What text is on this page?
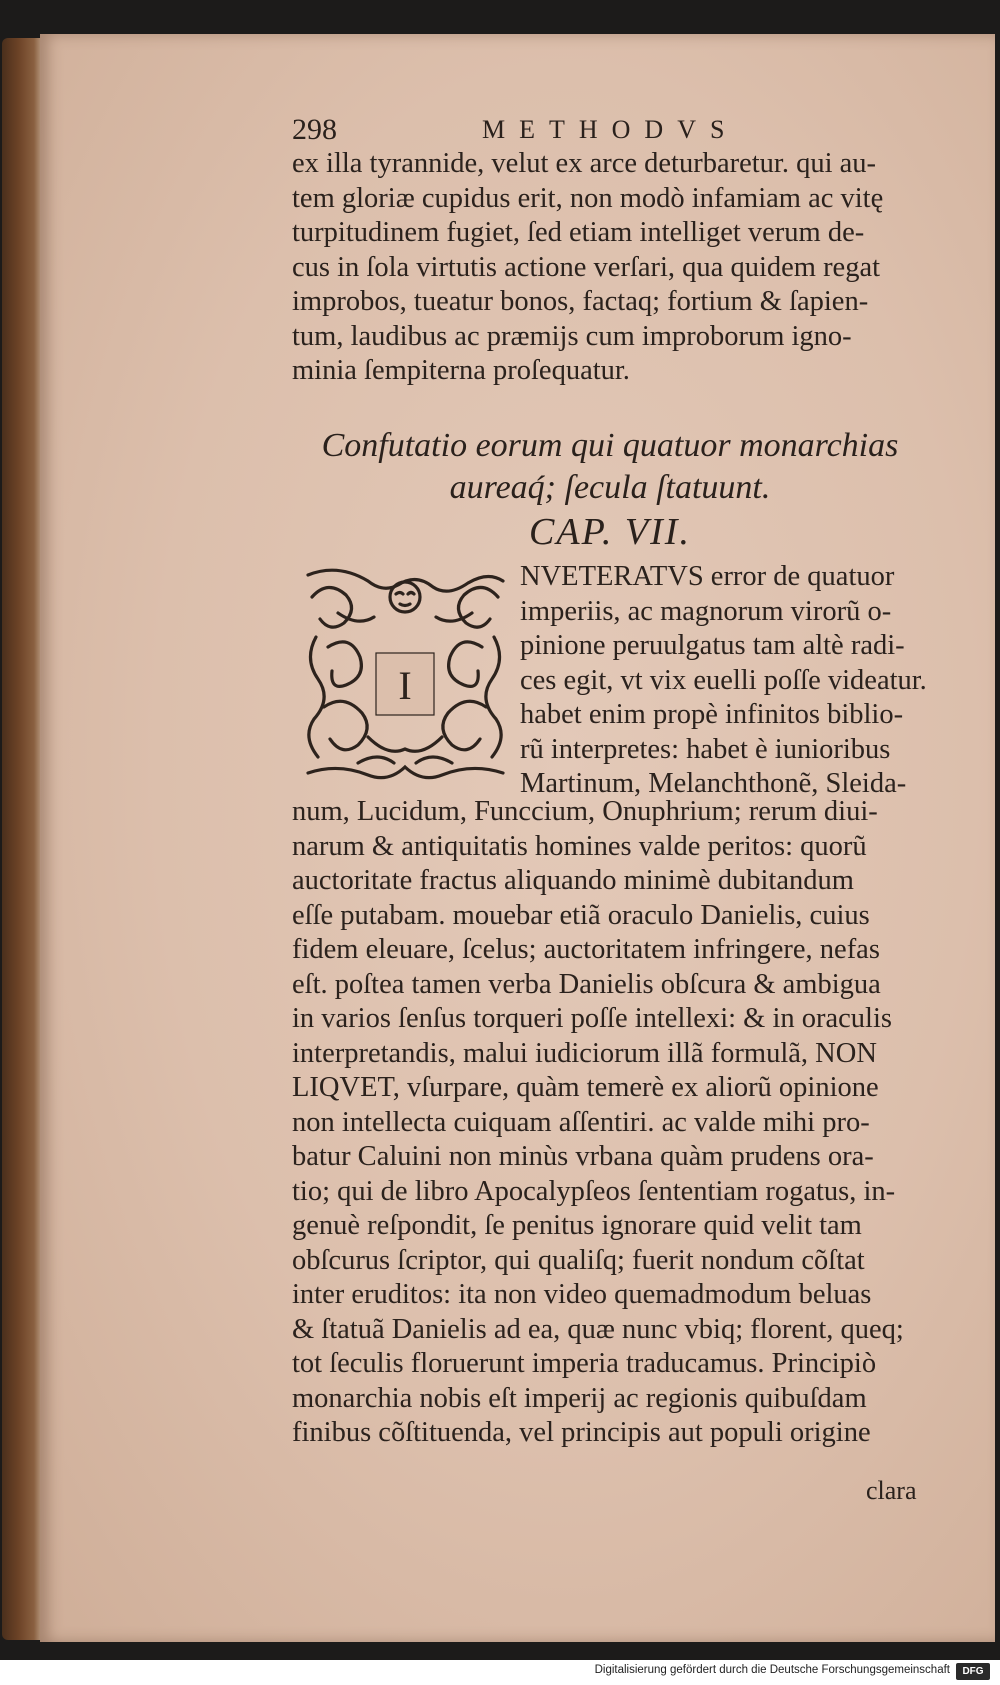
298	METHODVS
ex illa tyrannide, velut ex arce deturbaretur. qui au-
tem gloriæ cupidus erit, non modò infamiam ac vitę
turpitudinem fugiet, ſed etiam intelliget verum de-
cus in ſola virtutis actione verſari, qua quidem regat
improbos, tueatur bonos, factaq; fortium & ſapien-
tum, laudibus ac præmijs cum improborum igno-
minia ſempiterna proſequatur.
Confutatio eorum qui quatuor monarchias
aureaq́; ſecula ſtatuunt.
CAP. VII.
I
NVETERATVS error de quatuor
imperiis, ac magnorum virorũ o-
pinione peruulgatus tam altè radi-
ces egit, vt vix euelli poſſe videatur.
habet enim propè infinitos biblio-
rũ interpretes: habet è iunioribus
Martinum, Melanchthonẽ, Sleida-
num, Lucidum, Funccium, Onuphrium; rerum diui-
narum & antiquitatis homines valde peritos: quorũ
auctoritate fractus aliquando minimè dubitandum
eſſe putabam. mouebar etiã oraculo Danielis, cuius
fidem eleuare, ſcelus; auctoritatem infringere, nefas
eſt. poſtea tamen verba Danielis obſcura & ambigua
in varios ſenſus torqueri poſſe intellexi: & in oraculis
interpretandis, malui iudiciorum illã formulã, NON
LIQVET, vſurpare, quàm temerè ex aliorũ opinione
non intellecta cuiquam aſſentiri. ac valde mihi pro-
batur Caluini non minùs vrbana quàm prudens ora-
tio; qui de libro Apocalypſeos ſententiam rogatus, in-
genuè reſpondit, ſe penitus ignorare quid velit tam
obſcurus ſcriptor, qui qualiſq; fuerit nondum cõſtat
inter eruditos: ita non video quemadmodum beluas
& ſtatuã Danielis ad ea, quæ nunc vbiq; florent, queq;
tot ſeculis floruerunt imperia traducamus. Principiò
monarchia nobis eſt imperij ac regionis quibuſdam
finibus cõſtituenda, vel principis aut populi origine
clara
Digitalisierung gefördert durch die Deutsche Forschungsgemeinschaft	DFG
